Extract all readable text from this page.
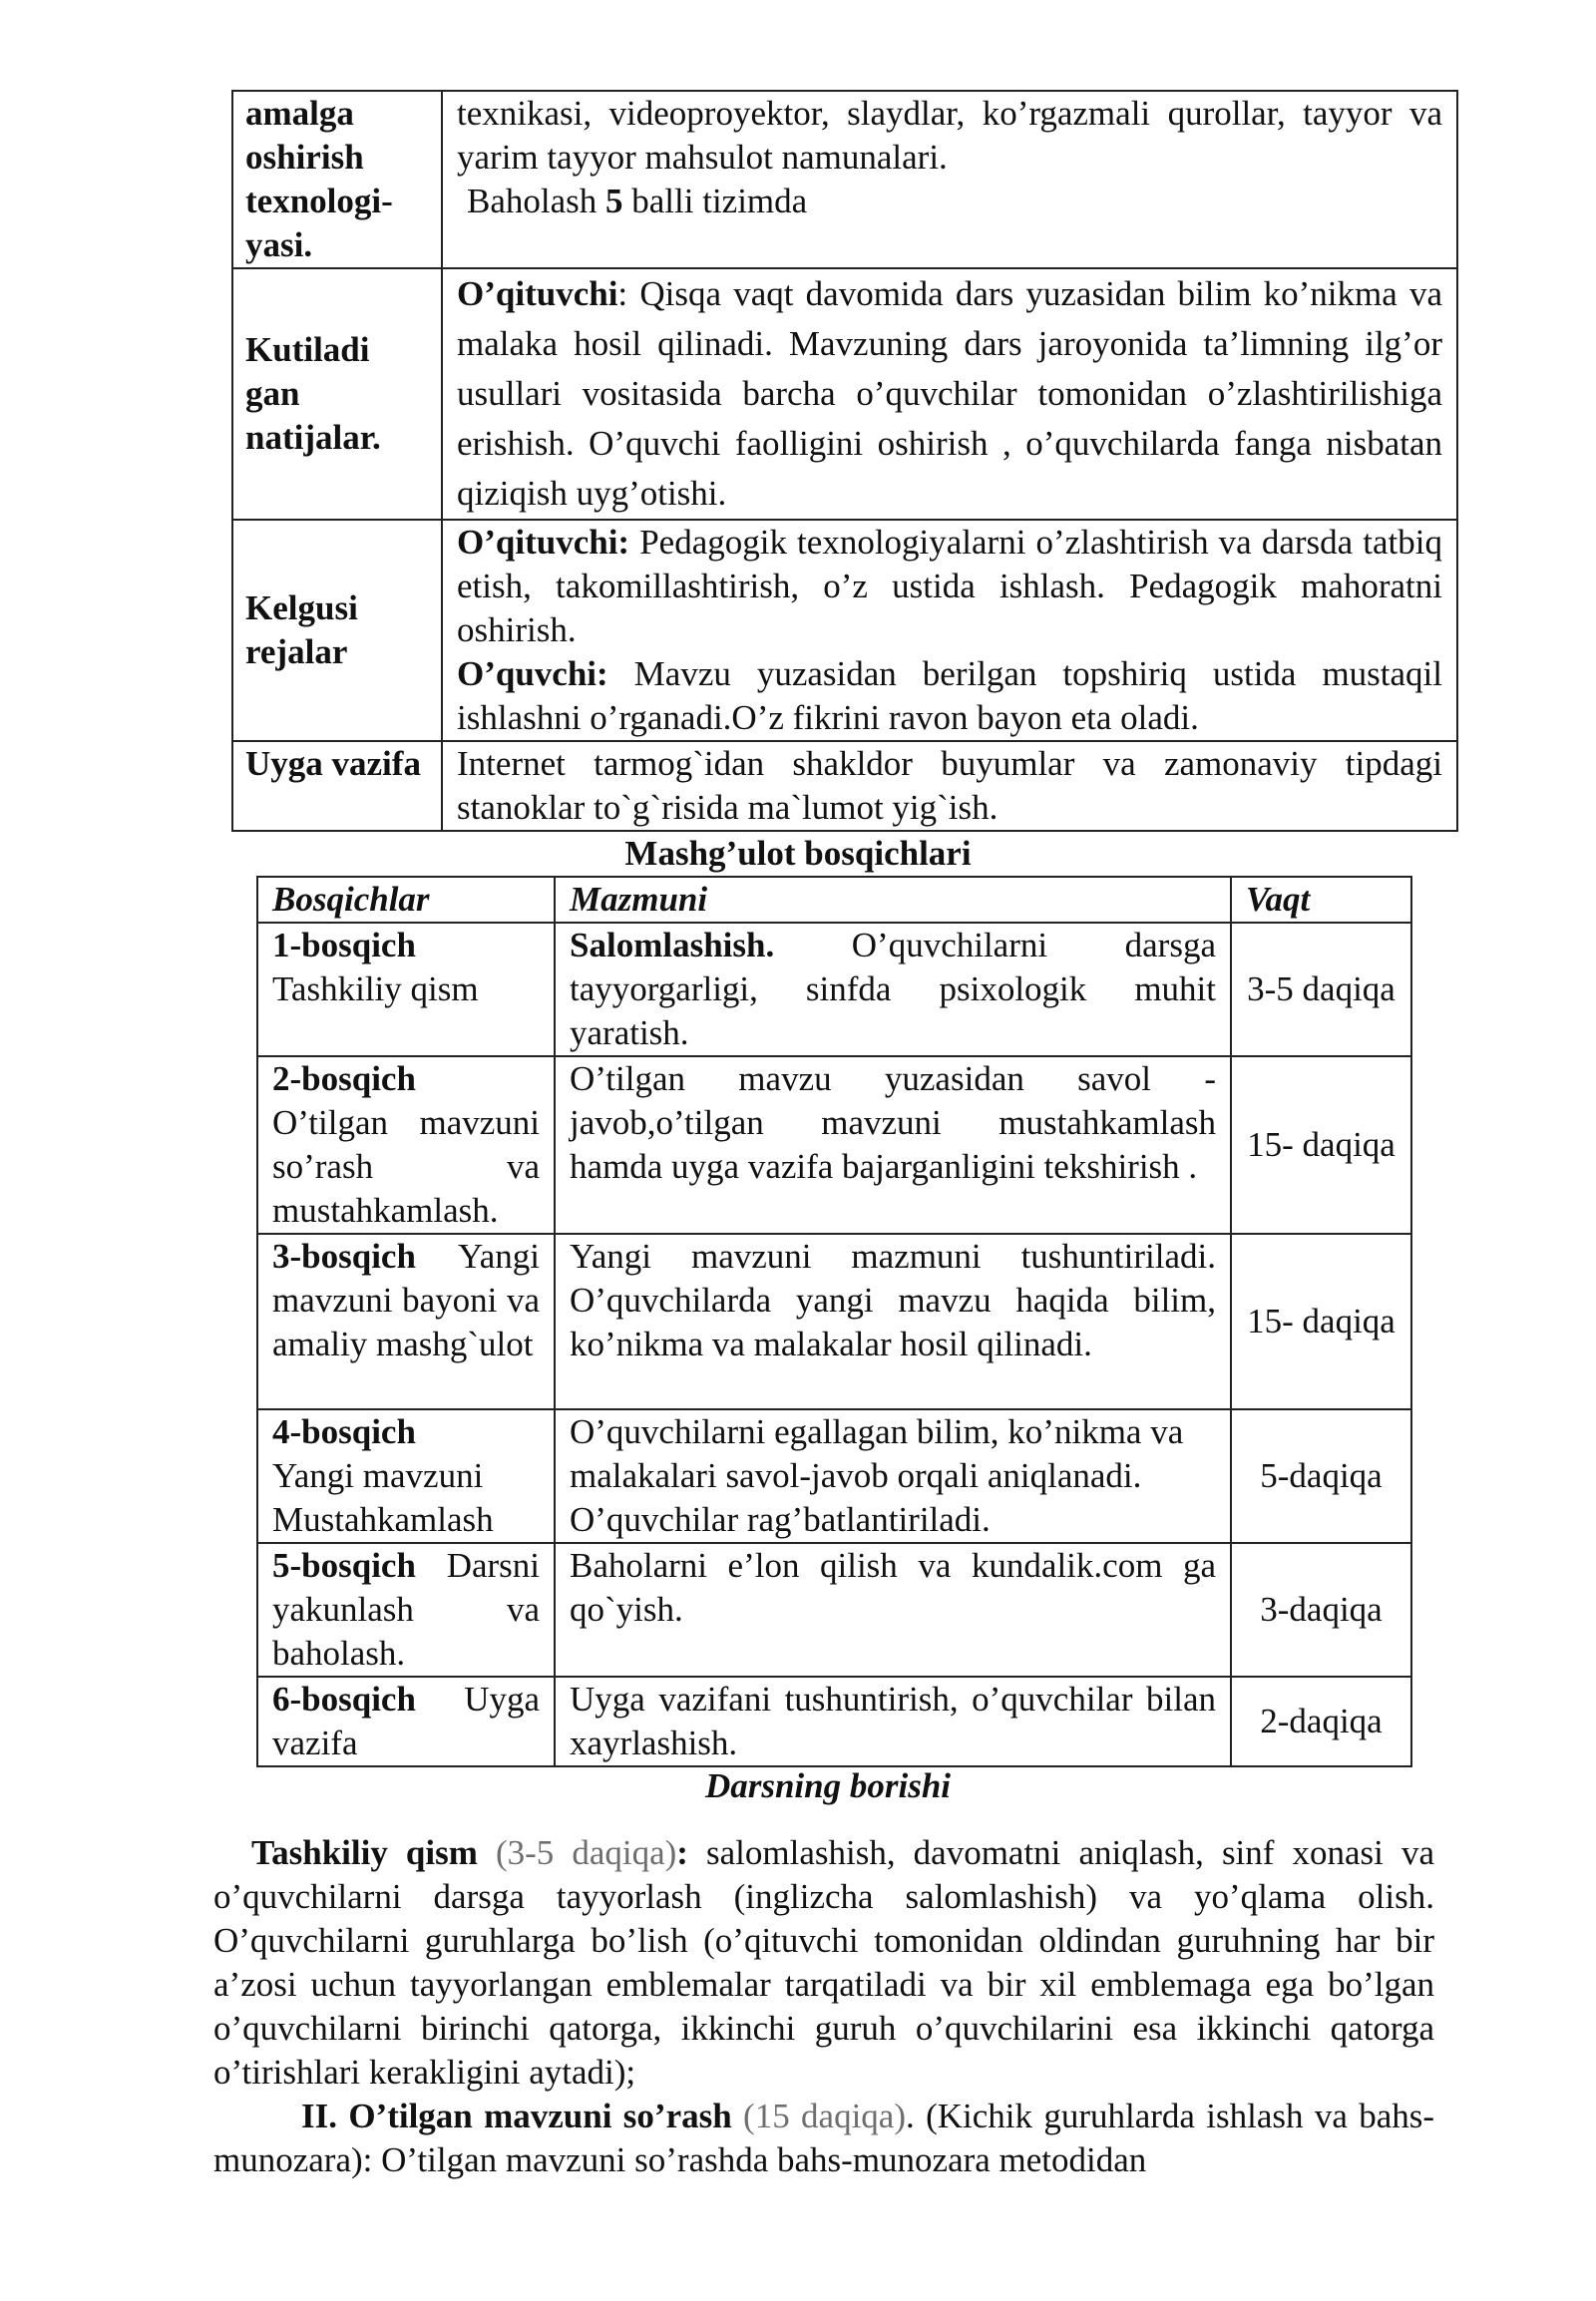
amalga oshirish texnologi-yasi.	texnikasi, videoproyektor, slaydlar, ko’rgazmali qurollar, tayyor va yarim tayyor mahsulot namunalari.
Baholash 5 balli tizimda

Kutiladi gan natijalar.	O’qituvchi: Qisqa vaqt davomida dars yuzasidan bilim ko’nikma va malaka hosil qilinadi. Mavzuning dars jaroyonida ta’limning ilg’or usullari vositasida barcha o’quvchilar tomonidan o’zlashtirilishiga erishish. O’quvchi faolligini oshirish , o’quvchilarda fanga nisbatan qiziqish uyg’otishi.
Kelgusi rejalar	O’qituvchi: Pedagogik texnologiyalarni o’zlashtirish va darsda tatbiq etish, takomillashtirish, o’z ustida ishlash. Pedagogik mahoratni oshirish.
O’quvchi: Mavzu yuzasidan berilgan topshiriq ustida mustaqil ishlashni o’rganadi.O’z fikrini ravon bayon eta oladi.

Uyga vazifa	Internet tarmog`idan shakldor buyumlar va zamonaviy tipdagi stanoklar to`g`risida ma`lumot yig`ish.
Mashg’ulot bosqichlari
Bosqichlar	Mazmuni	Vaqt
1-bosqich
Tashkiliy qism	Salomlashish. O’quvchilarni darsga tayyorgarligi, sinfda psixologik muhit yaratish.	3-5 daqiqa
2-bosqich
O’tilgan mavzuni so’rash va mustahkamlash.	O’tilgan mavzu yuzasidan savol - javob,o’tilgan mavzuni mustahkamlash hamda uyga vazifa bajarganligini tekshirish .	15- daqiqa
3-bosqich Yangi mavzuni bayoni va amaliy mashg`ulot	Yangi mavzuni mazmuni tushuntiriladi. O’quvchilarda yangi mavzu haqida bilim, ko’nikma va malakalar hosil qilinadi.	15- daqiqa
4-bosqich
Yangi mavzuni Mustahkamlash	O’quvchilarni egallagan bilim, ko’nikma va malakalari savol-javob orqali aniqlanadi. O’quvchilar rag’batlantiriladi.	5-daqiqa
5-bosqich Darsni yakunlash va baholash.	Baholarni e’lon qilish va kundalik.com ga qo`yish.	3-daqiqa
6-bosqich Uyga vazifa	Uyga vazifani tushuntirish, o’quvchilar bilan xayrlashish.	2-daqiqa
Darsning borishi

Tashkiliy qism (3-5 daqiqa): salomlashish, davomatni aniqlash, sinf xonasi va o’quvchilarni darsga tayyorlash (inglizcha salomlashish) va yo’qlama olish. O’quvchilarni guruhlarga bo’lish (o’qituvchi tomonidan oldindan guruhning har bir a’zosi uchun tayyorlangan emblemalar tarqatiladi va bir xil emblemaga ega bo’lgan o’quvchilarni birinchi qatorga, ikkinchi guruh o’quvchilarini esa ikkinchi qatorga o’tirishlari kerakligini aytadi);

II. O’tilgan mavzuni so’rash (15 daqiqa). (Kichik guruhlarda ishlash va bahs-munozara): O’tilgan mavzuni so’rashda bahs-munozara metodidan
